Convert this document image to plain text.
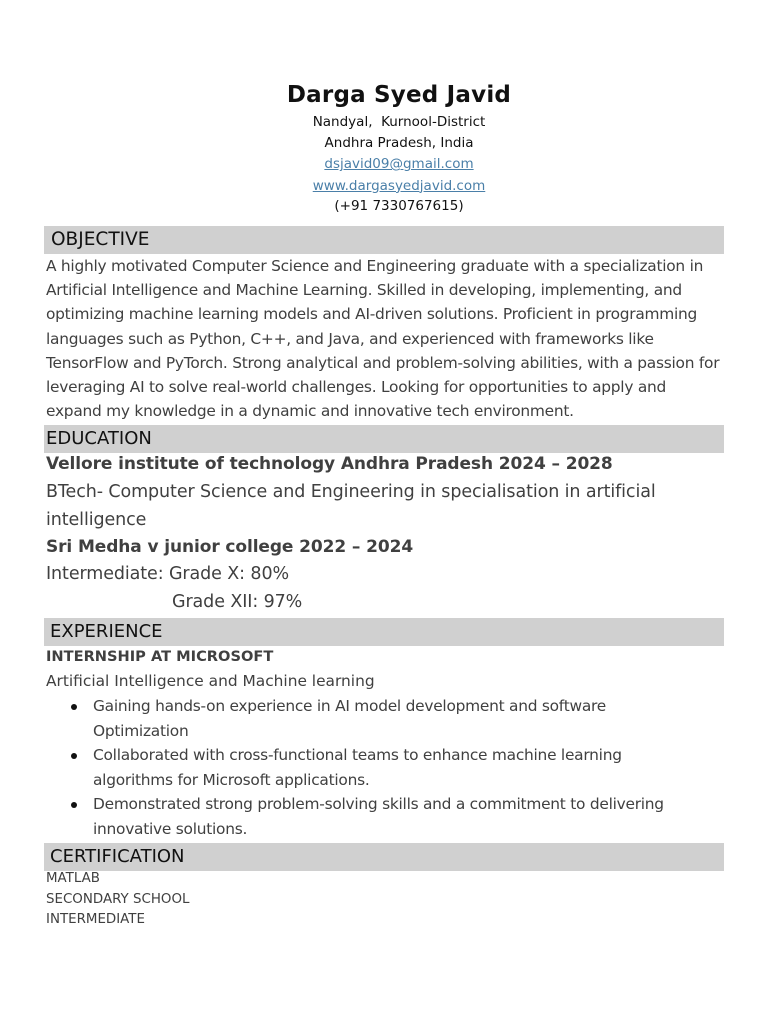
Darga Syed Javid
Nandyal,  Kurnool-District
Andhra Pradesh, India
dsjavid09@gmail.com
www.dargasyedjavid.com
(+91 7330767615)
OBJECTIVE
A highly motivated Computer Science and Engineering graduate with a specialization in Artificial Intelligence and Machine Learning. Skilled in developing, implementing, and optimizing machine learning models and AI-driven solutions. Proficient in programming languages such as Python, C++, and Java, and experienced with frameworks like TensorFlow and PyTorch. Strong analytical and problem-solving abilities, with a passion for leveraging AI to solve real-world challenges. Looking for opportunities to apply and expand my knowledge in a dynamic and innovative tech environment.
EDUCATION
Vellore institute of technology Andhra Pradesh 2024 – 2028
BTech- Computer Science and Engineering in specialisation in artificial intelligence
Sri Medha v junior college 2022 – 2024
Intermediate: Grade X: 80%
Grade XII: 97%
EXPERIENCE
INTERNSHIP AT MICROSOFT
Artificial Intelligence and Machine learning
Gaining hands-on experience in AI model development and software Optimization
Collaborated with cross-functional teams to enhance machine learning algorithms for Microsoft applications.
Demonstrated strong problem-solving skills and a commitment to delivering innovative solutions.
CERTIFICATION
MATLAB
SECONDARY SCHOOL
INTERMEDIATE
